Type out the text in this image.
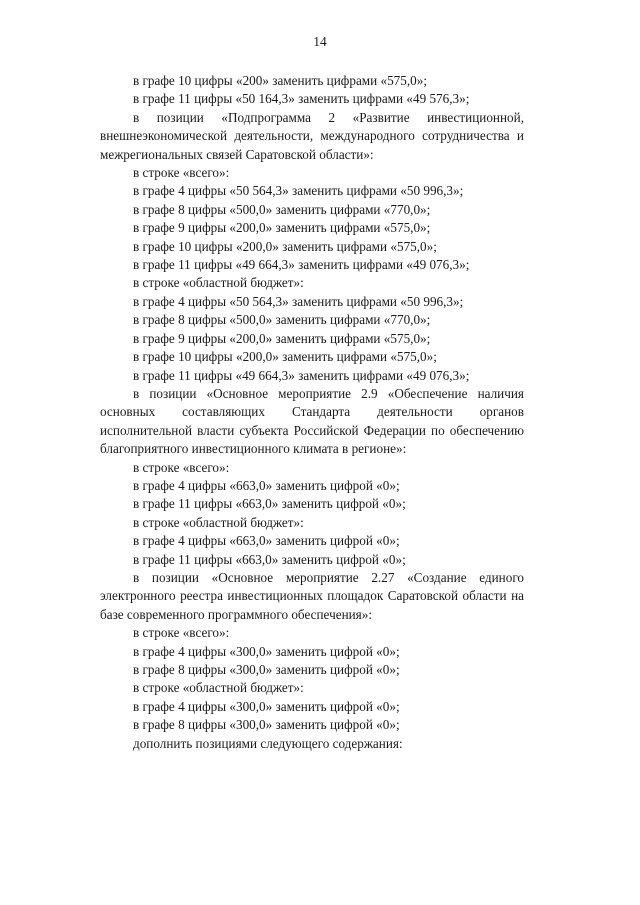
14

в графе 10 цифры «200» заменить цифрами «575,0»;

в графе 11 цифры «50 164,3» заменить цифрами «49 576,3»;

в позиции «Подпрограмма 2 «Развитие инвестиционной, внешнеэкономической деятельности, международного сотрудничества и межрегиональных связей Саратовской области»:

в строке «всего»:

в графе 4 цифры «50 564,3» заменить цифрами «50 996,3»;

в графе 8 цифры «500,0» заменить цифрами «770,0»;

в графе 9 цифры «200,0» заменить цифрами «575,0»;

в графе 10 цифры «200,0» заменить цифрами «575,0»;

в графе 11 цифры «49 664,3» заменить цифрами «49 076,3»;

в строке «областной бюджет»:

в графе 4 цифры «50 564,3» заменить цифрами «50 996,3»;

в графе 8 цифры «500,0» заменить цифрами «770,0»;

в графе 9 цифры «200,0» заменить цифрами «575,0»;

в графе 10 цифры «200,0» заменить цифрами «575,0»;

в графе 11 цифры «49 664,3» заменить цифрами «49 076,3»;

в позиции «Основное мероприятие 2.9 «Обеспечение наличия основных составляющих Стандарта деятельности органов исполнительной власти субъекта Российской Федерации по обеспечению благоприятного инвестиционного климата в регионе»:

в строке «всего»:

в графе 4 цифры «663,0» заменить цифрой «0»;

в графе 11 цифры «663,0» заменить цифрой «0»;

в строке «областной бюджет»:

в графе 4 цифры «663,0» заменить цифрой «0»;

в графе 11 цифры «663,0» заменить цифрой «0»;

в позиции «Основное мероприятие 2.27 «Создание единого электронного реестра инвестиционных площадок Саратовской области на базе современного программного обеспечения»:

в строке «всего»:

в графе 4 цифры «300,0» заменить цифрой «0»;

в графе 8 цифры «300,0» заменить цифрой «0»;

в строке «областной бюджет»:

в графе 4 цифры «300,0» заменить цифрой «0»;

в графе 8 цифры «300,0» заменить цифрой «0»;

дополнить позициями следующего содержания:
